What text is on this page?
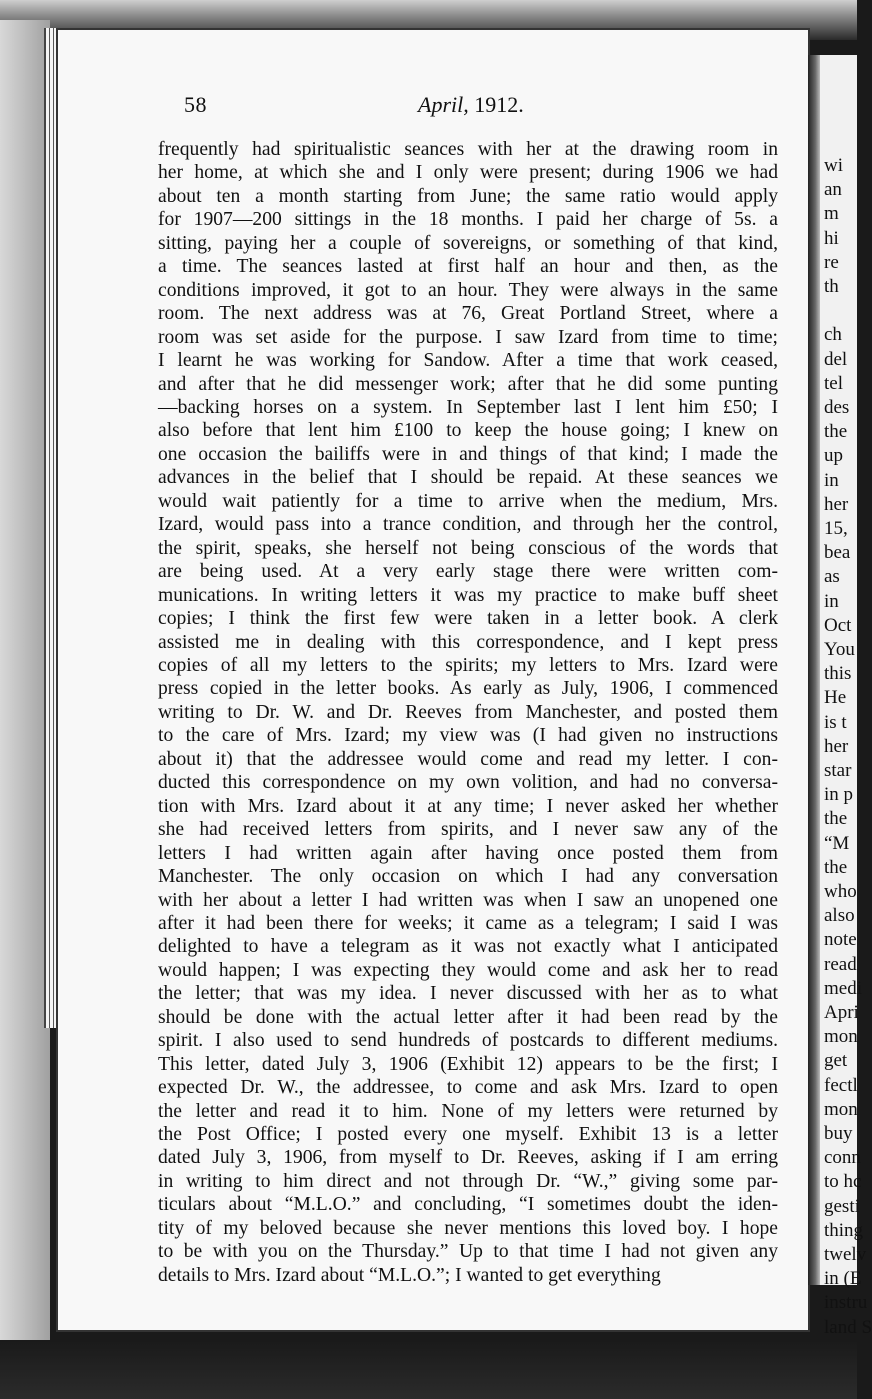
58	April, 1912.
frequently had spiritualistic seances with her at the drawing room in
her home, at which she and I only were present; during 1906 we had
about ten a month starting from June; the same ratio would apply
for 1907—200 sittings in the 18 months. I paid her charge of 5s. a
sitting, paying her a couple of sovereigns, or something of that kind,
a time. The seances lasted at first half an hour and then, as the
conditions improved, it got to an hour. They were always in the same
room. The next address was at 76, Great Portland Street, where a
room was set aside for the purpose. I saw Izard from time to time;
I learnt he was working for Sandow. After a time that work ceased,
and after that he did messenger work; after that he did some punting
—backing horses on a system. In September last I lent him £50; I
also before that lent him £100 to keep the house going; I knew on
one occasion the bailiffs were in and things of that kind; I made the
advances in the belief that I should be repaid. At these seances we
would wait patiently for a time to arrive when the medium, Mrs.
Izard, would pass into a trance condition, and through her the control,
the spirit, speaks, she herself not being conscious of the words that
are being used. At a very early stage there were written com-
munications. In writing letters it was my practice to make buff sheet
copies; I think the first few were taken in a letter book. A clerk
assisted me in dealing with this correspondence, and I kept press
copies of all my letters to the spirits; my letters to Mrs. Izard were
press copied in the letter books. As early as July, 1906, I commenced
writing to Dr. W. and Dr. Reeves from Manchester, and posted them
to the care of Mrs. Izard; my view was (I had given no instructions
about it) that the addressee would come and read my letter. I con-
ducted this correspondence on my own volition, and had no conversa-
tion with Mrs. Izard about it at any time; I never asked her whether
she had received letters from spirits, and I never saw any of the
letters I had written again after having once posted them from
Manchester. The only occasion on which I had any conversation
with her about a letter I had written was when I saw an unopened one
after it had been there for weeks; it came as a telegram; I said I was
delighted to have a telegram as it was not exactly what I anticipated
would happen; I was expecting they would come and ask her to read
the letter; that was my idea. I never discussed with her as to what
should be done with the actual letter after it had been read by the
spirit. I also used to send hundreds of postcards to different mediums.
This letter, dated July 3, 1906 (Exhibit 12) appears to be the first; I
expected Dr. W., the addressee, to come and ask Mrs. Izard to open
the letter and read it to him. None of my letters were returned by
the Post Office; I posted every one myself. Exhibit 13 is a letter
dated July 3, 1906, from myself to Dr. Reeves, asking if I am erring
in writing to him direct and not through Dr. “W.,” giving some par-
ticulars about “M.L.O.” and concluding, “I sometimes doubt the iden-
tity of my beloved because she never mentions this loved boy. I hope
to be with you on the Thursday.” Up to that time I had not given any
details to Mrs. Izard about “M.L.O.”; I wanted to get everything
wi
an
m
hi
re
th
ch
del
tel
des
the
up
in
her
15,
bea
as
in
Oct
You
this
He
is t
her
star
in p
the
“M
the
who
also
note
read
medi
Apri
mon
get
fectl
mon
buy
conn
to hc
gesti
thing
twelv
in (E
instru
land S
